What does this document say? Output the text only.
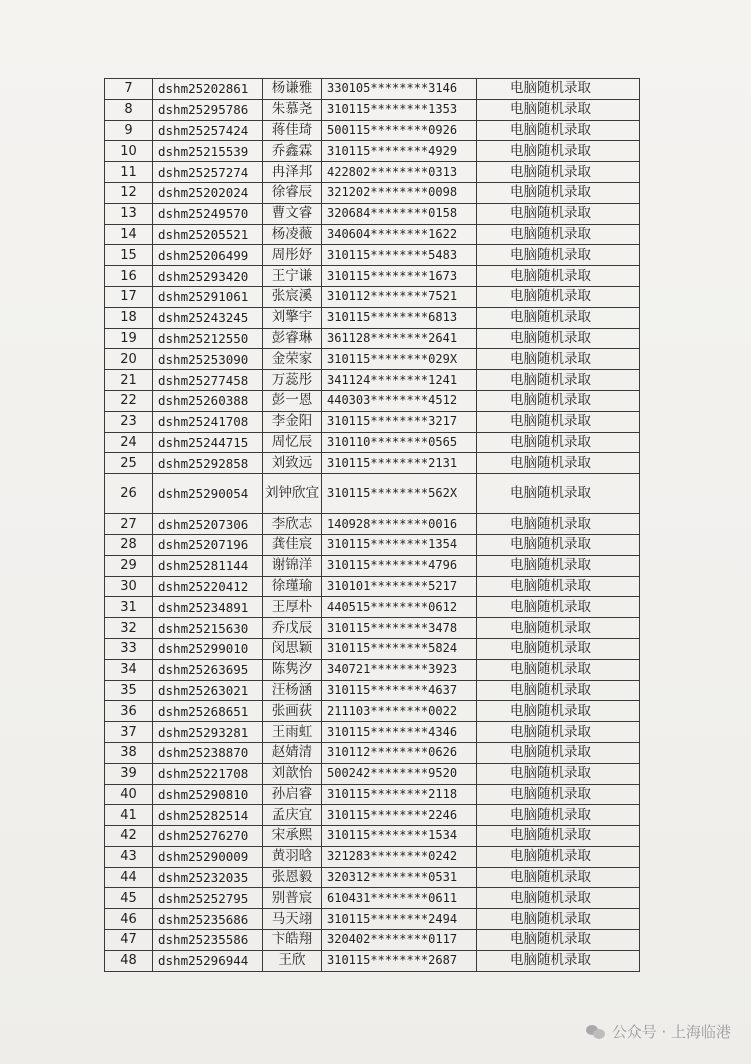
7	dshm25202861	杨谦雅	330105********3146	电脑随机录取
8	dshm25295786	朱慕尧	310115********1353	电脑随机录取
9	dshm25257424	蒋佳琦	500115********0926	电脑随机录取
10	dshm25215539	乔鑫霖	310115********4929	电脑随机录取
11	dshm25257274	冉泽邦	422802********0313	电脑随机录取
12	dshm25202024	徐睿辰	321202********0098	电脑随机录取
13	dshm25249570	曹文睿	320684********0158	电脑随机录取
14	dshm25205521	杨凌薇	340604********1622	电脑随机录取
15	dshm25206499	周彤妤	310115********5483	电脑随机录取
16	dshm25293420	王宁谦	310115********1673	电脑随机录取
17	dshm25291061	张宸溪	310112********7521	电脑随机录取
18	dshm25243245	刘擎宇	310115********6813	电脑随机录取
19	dshm25212550	彭睿琳	361128********2641	电脑随机录取
20	dshm25253090	金荣家	310115********029X	电脑随机录取
21	dshm25277458	万蕊彤	341124********1241	电脑随机录取
22	dshm25260388	彭一恩	440303********4512	电脑随机录取
23	dshm25241708	李金阳	310115********3217	电脑随机录取
24	dshm25244715	周忆辰	310110********0565	电脑随机录取
25	dshm25292858	刘致远	310115********2131	电脑随机录取
26	dshm25290054	刘钟欣宜	310115********562X	电脑随机录取
27	dshm25207306	李欣志	140928********0016	电脑随机录取
28	dshm25207196	龚佳宸	310115********1354	电脑随机录取
29	dshm25281144	谢锦洋	310115********4796	电脑随机录取
30	dshm25220412	徐瑾瑜	310101********5217	电脑随机录取
31	dshm25234891	王厚朴	440515********0612	电脑随机录取
32	dshm25215630	乔戊辰	310115********3478	电脑随机录取
33	dshm25299010	闵思颖	310115********5824	电脑随机录取
34	dshm25263695	陈隽汐	340721********3923	电脑随机录取
35	dshm25263021	汪杨涵	310115********4637	电脑随机录取
36	dshm25268651	张画荻	211103********0022	电脑随机录取
37	dshm25293281	王雨虹	310115********4346	电脑随机录取
38	dshm25238870	赵婧清	310112********0626	电脑随机录取
39	dshm25221708	刘歆怡	500242********9520	电脑随机录取
40	dshm25290810	孙启睿	310115********2118	电脑随机录取
41	dshm25282514	孟庆宜	310115********2246	电脑随机录取
42	dshm25276270	宋承熙	310115********1534	电脑随机录取
43	dshm25290009	黄羽晗	321283********0242	电脑随机录取
44	dshm25232035	张恩毅	320312********0531	电脑随机录取
45	dshm25252795	别普宸	610431********0611	电脑随机录取
46	dshm25235686	马天翊	310115********2494	电脑随机录取
47	dshm25235586	卞皓翔	320402********0117	电脑随机录取
48	dshm25296944	王欣	310115********2687	电脑随机录取
公众号 · 上海临港
